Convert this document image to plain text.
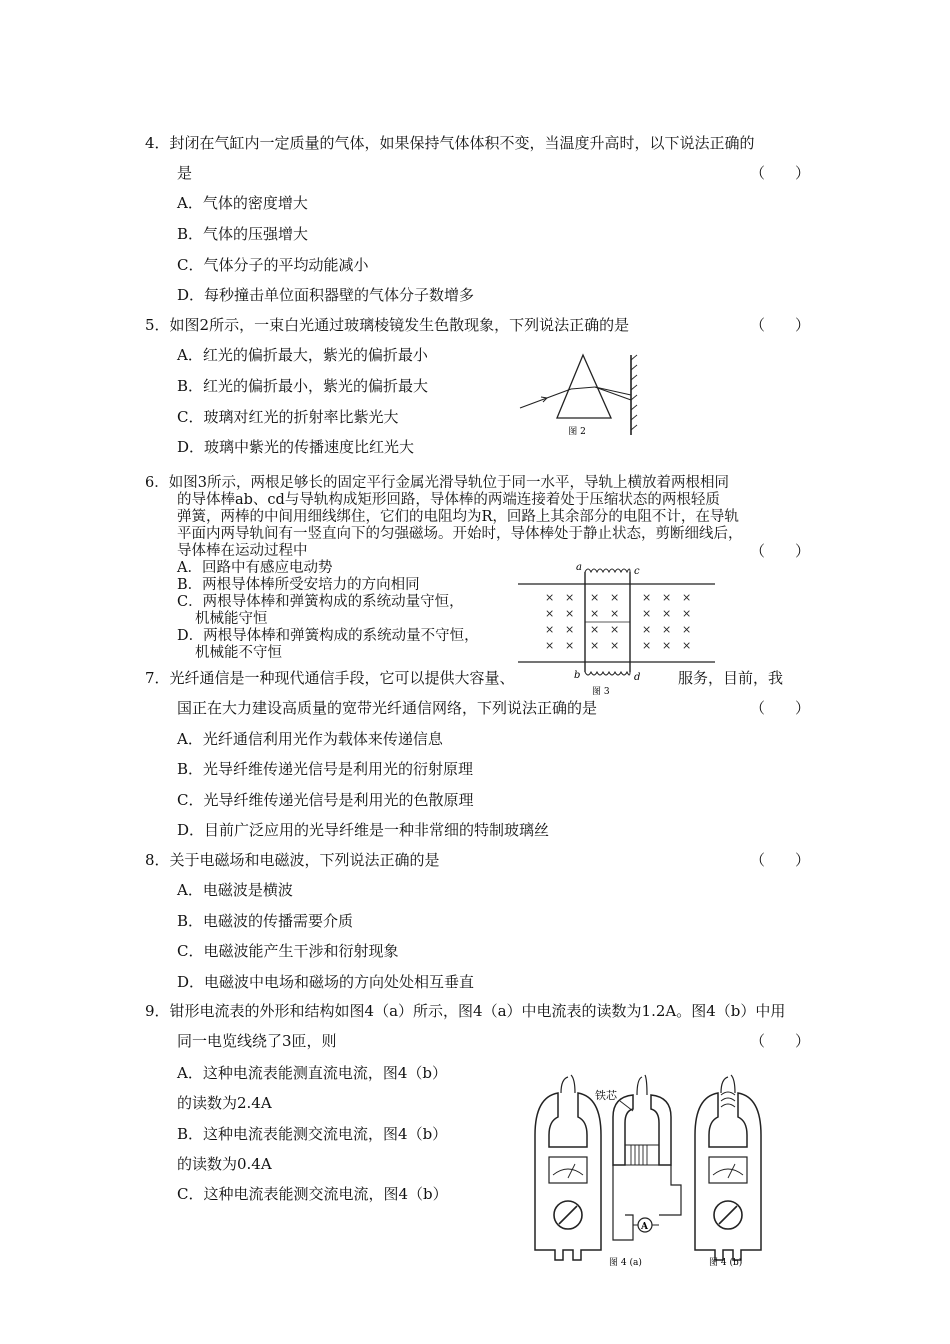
4．封闭在气缸内一定质量的气体，如果保持气体体积不变，当温度升高时，以下说法正确的
是	（　　）
A．气体的密度增大
B．气体的压强增大
C．气体分子的平均动能减小
D．每秒撞击单位面积器壁的气体分子数增多
5．如图2所示，一束白光通过玻璃棱镜发生色散现象，下列说法正确的是	（　　）
A．红光的偏折最大，紫光的偏折最小
B．红光的偏折最小，紫光的偏折最大
C．玻璃对红光的折射率比紫光大
D．玻璃中紫光的传播速度比红光大
图 2
6．如图3所示，两根足够长的固定平行金属光滑导轨位于同一水平，导轨上横放着两根相同
的导体棒ab、cd与导轨构成矩形回路，导体棒的两端连接着处于压缩状态的两根轻质
弹簧，两棒的中间用细线绑住，它们的电阻均为R，回路上其余部分的电阻不计，在导轨
平面内两导轨间有一竖直向下的匀强磁场。开始时，导体棒处于静止状态，剪断细线后，
导体棒在运动过程中	（　　）
A．回路中有感应电动势
B．两根导体棒所受安培力的方向相同
C．两根导体棒和弹簧构成的系统动量守恒，
机械能守恒
D．两根导体棒和弹簧构成的系统动量不守恒，
机械能不守恒
a	c
b	d
× × × × × × ×
× × × × × × ×
× × × × × × ×
× × × × × × ×
图 3
7．光纤通信是一种现代通信手段，它可以提供大容量、	服务，目前，我
国正在大力建设高质量的宽带光纤通信网络，下列说法正确的是	（　　）
A．光纤通信利用光作为载体来传递信息
B．光导纤维传递光信号是利用光的衍射原理
C．光导纤维传递光信号是利用光的色散原理
D．目前广泛应用的光导纤维是一种非常细的特制玻璃丝
8．关于电磁场和电磁波，下列说法正确的是	（　　）
A．电磁波是横波
B．电磁波的传播需要介质
C．电磁波能产生干涉和衍射现象
D．电磁波中电场和磁场的方向处处相互垂直
9．钳形电流表的外形和结构如图4（a）所示，图4（a）中电流表的读数为1.2A。图4（b）中用
同一电览线绕了3匝，则	（　　）
A．这种电流表能测直流电流，图4（b）
的读数为2.4A
B．这种电流表能测交流电流，图4（b）
的读数为0.4A
C．这种电流表能测交流电流，图4（b）
A
铁芯
图 4 (a)	图 4 (b)
